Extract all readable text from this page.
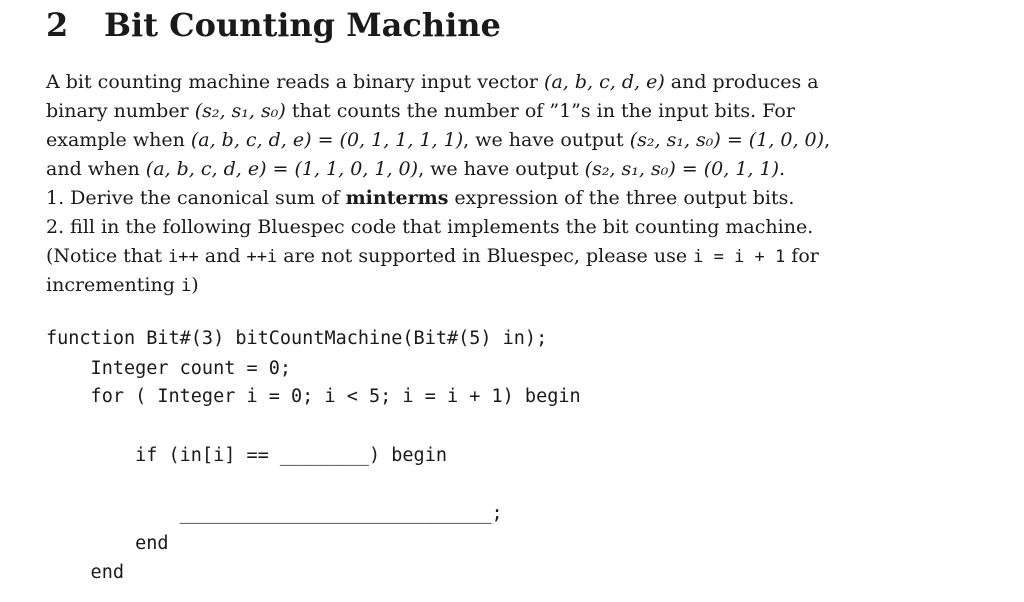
2 Bit Counting Machine
A bit counting machine reads a binary input vector (a, b, c, d, e) and produces a
binary number (s₂, s₁, s₀) that counts the number of ”1”s in the input bits. For
example when (a, b, c, d, e) = (0, 1, 1, 1, 1), we have output (s₂, s₁, s₀) = (1, 0, 0),
and when (a, b, c, d, e) = (1, 1, 0, 1, 0), we have output (s₂, s₁, s₀) = (0, 1, 1).
1. Derive the canonical sum of minterms expression of the three output bits.
2. fill in the following Bluespec code that implements the bit counting machine.
(Notice that i++ and ++i are not supported in Bluespec, please use i = i + 1 for
incrementing i)

function Bit#(3) bitCountMachine(Bit#(5) in);

Integer count = 0;

for ( Integer i = 0; i < 5; i = i + 1) begin

if (in[i] == ________) begin

____________________________;

end

end
